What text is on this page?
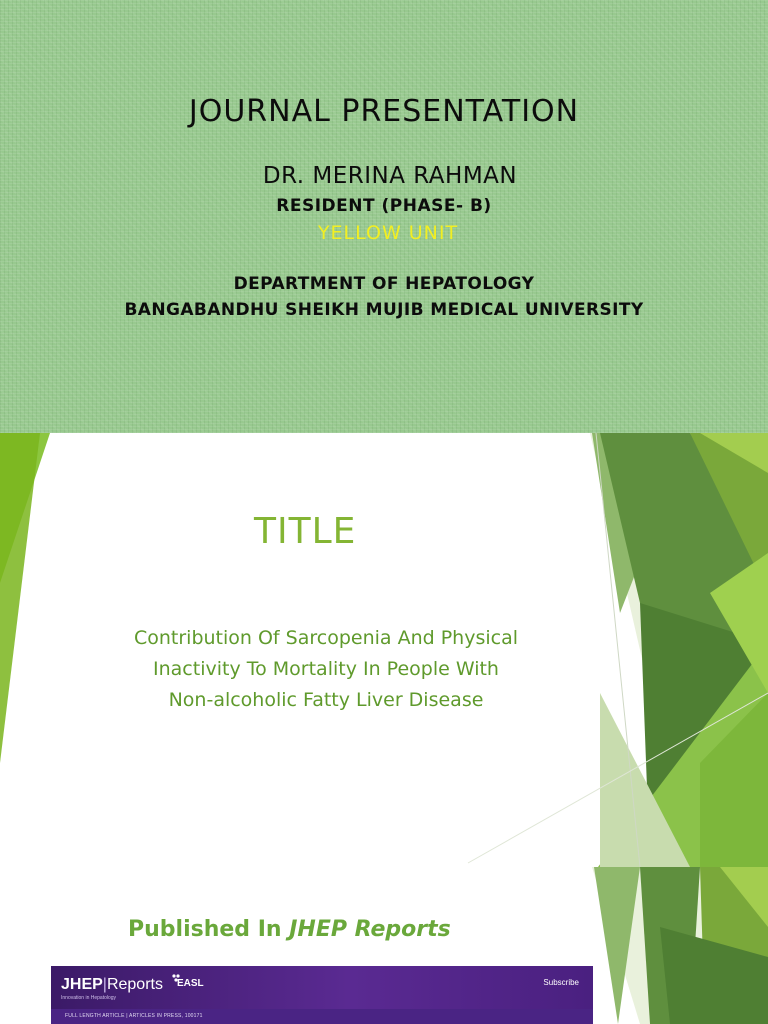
JOURNAL PRESENTATION
DR. MERINA RAHMAN
RESIDENT (PHASE- B)
YELLOW UNIT
DEPARTMENT OF HEPATOLOGY
BANGABANDHU SHEIKH MUJIB MEDICAL UNIVERSITY
TITLE
Contribution Of Sarcopenia And Physical
Inactivity To Mortality In People With
Non-alcoholic Fatty Liver Disease
Published In JHEP Reports
JHEP|Reports
Innovation in Hepatology
EASL	Subscribe
FULL LENGTH ARTICLE | ARTICLES IN PRESS, 100171
